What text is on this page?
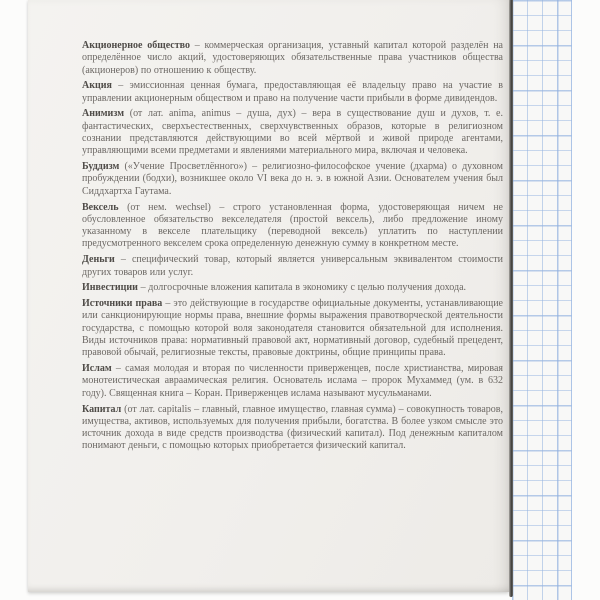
Акционерное общество – коммерческая организация, уставный капитал которой разделён на определённое число акций, удостоверяющих обязательственные права участников общества (акционеров) по отношению к обществу.

Акция – эмиссионная ценная бумага, предоставляющая её владельцу право на участие в управлении акционерным обществом и право на получение части прибыли в форме дивидендов.

Анимизм (от лат. anima, animus – душа, дух) – вера в существование душ и духов, т. е. фантастических, сверхъестественных, сверхчувственных образов, которые в религиозном сознании представляются действующими во всей мёртвой и живой природе агентами, управляющими всеми предметами и явлениями материального мира, включая и человека.

Буддизм («Учение Просветлённого») – религиозно-философское учение (дхарма) о духовном пробуждении (бодхи), возникшее около VI века до н. э. в южной Азии. Основателем учения был Сиддхартха Гаутама.

Вексель (от нем. wechsel) – строго установленная форма, удостоверяющая ничем не обусловленное обязательство векселедателя (простой вексель), либо предложение иному указанному в векселе плательщику (переводной вексель) уплатить по наступлении предусмотренного векселем срока определенную денежную сумму в конкретном месте.

Деньги – специфический товар, который является универсальным эквивалентом стоимости других товаров или услуг.

Инвестиции – долгосрочные вложения капитала в экономику с целью получения дохода.

Источники права – это действующие в государстве официальные документы, устанавливающие или санкционирующие нормы права, внешние формы выражения правотворческой деятельности государства, с помощью которой воля законодателя становится обязательной для исполнения. Виды источников права: нормативный правовой акт, нормативный договор, судебный прецедент, правовой обычай, религиозные тексты, правовые доктрины, общие принципы права.

Ислам – самая молодая и вторая по численности приверженцев, после христианства, мировая монотеистическая авраамическая религия. Основатель ислама – пророк Мухаммед (ум. в 632 году). Священная книга – Коран. Приверженцев ислама называют мусульманами.

Капитал (от лат. capitalis – главный, главное имущество, главная сумма) – совокупность товаров, имущества, активов, используемых для получения прибыли, богатства. В более узком смысле это источник дохода в виде средств производства (физический капитал). Под денежным капиталом понимают деньги, с помощью которых приобретается физический капитал.
